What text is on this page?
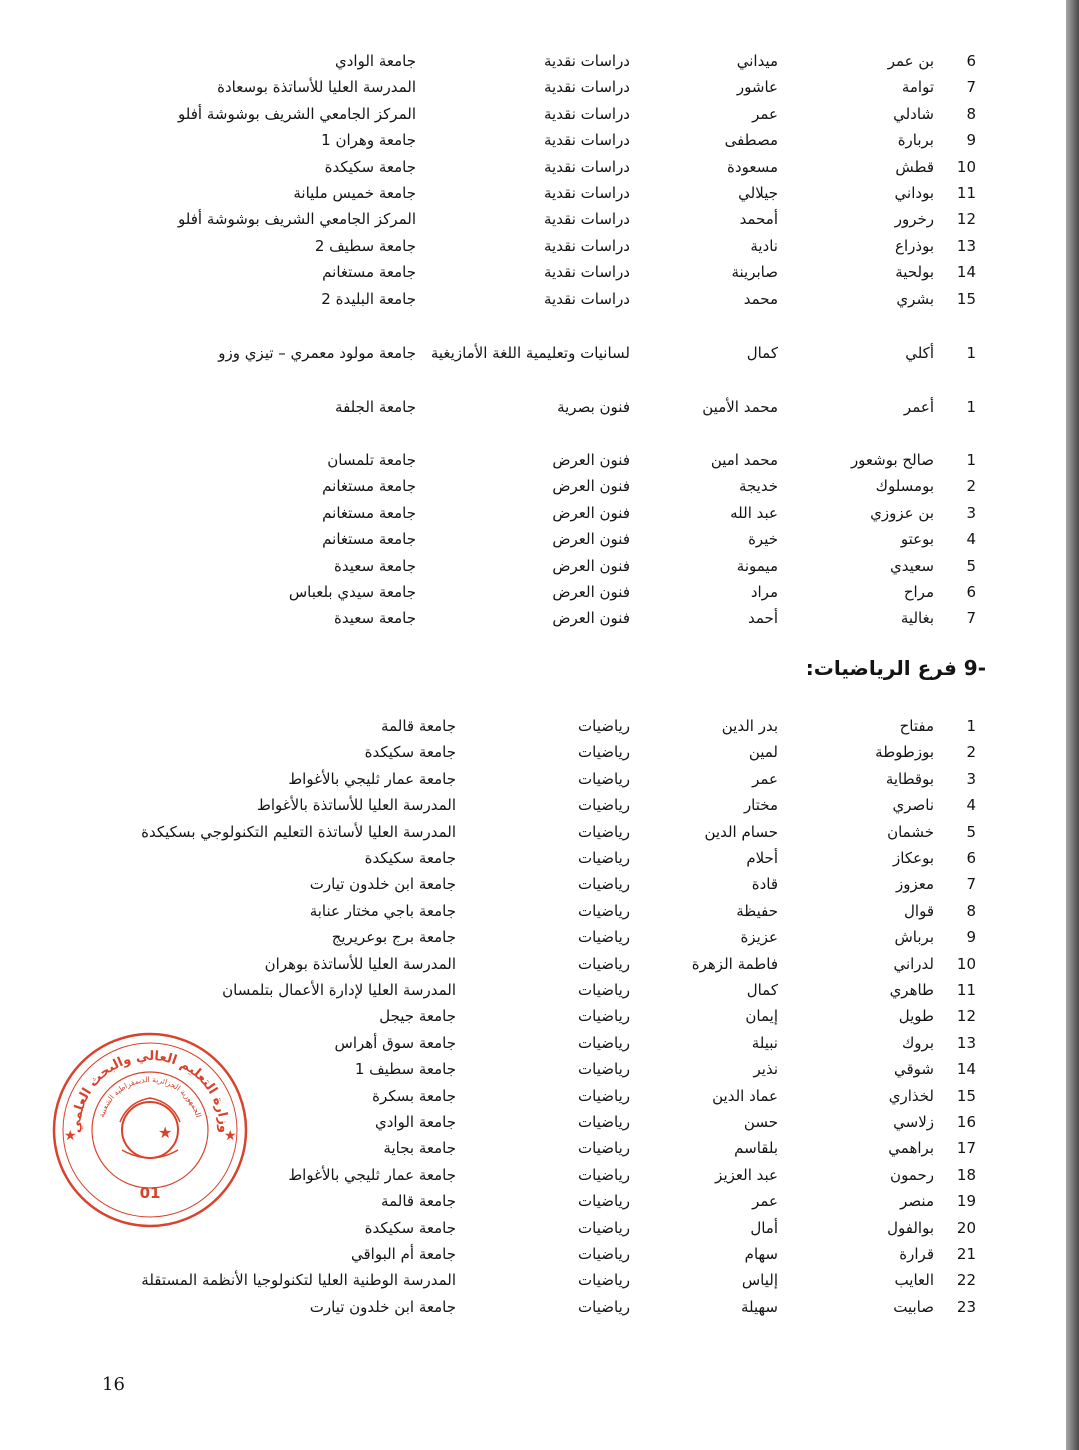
6
بن عمر
ميداني
دراسات نقدية
جامعة الوادي
7
توامة
عاشور
دراسات نقدية
المدرسة العليا للأساتذة بوسعادة
8
شادلي
عمر
دراسات نقدية
المركز الجامعي الشريف بوشوشة أفلو
9
بربارة
مصطفى
دراسات نقدية
جامعة وهران 1
10
قطش
مسعودة
دراسات نقدية
جامعة سكيكدة
11
بوداني
جيلالي
دراسات نقدية
جامعة خميس مليانة
12
رخرور
أمحمد
دراسات نقدية
المركز الجامعي الشريف بوشوشة أفلو
13
بوذراع
نادية
دراسات نقدية
جامعة سطيف 2
14
بولحية
صابرينة
دراسات نقدية
جامعة مستغانم
15
بشري
محمد
دراسات نقدية
جامعة البليدة 2
1
أكلي
كمال
لسانيات وتعليمية اللغة الأمازيغية
جامعة مولود معمري – تيزي وزو
1
أعمر
محمد الأمين
فنون بصرية
جامعة الجلفة
1
صالح بوشعور
محمد امين
فنون العرض
جامعة تلمسان
2
بومسلوك
خديجة
فنون العرض
جامعة مستغانم
3
بن عزوزي
عبد الله
فنون العرض
جامعة مستغانم
4
بوعتو
خيرة
فنون العرض
جامعة مستغانم
5
سعيدي
ميمونة
فنون العرض
جامعة سعيدة
6
مراح
مراد
فنون العرض
جامعة سيدي بلعباس
7
بغالية
أحمد
فنون العرض
جامعة سعيدة
1
مفتاح
بدر الدين
رياضيات
جامعة قالمة
2
بوزطوطة
لمين
رياضيات
جامعة سكيكدة
3
بوقطاية
عمر
رياضيات
جامعة عمار ثليجي بالأغواط
4
ناصري
مختار
رياضيات
المدرسة العليا للأساتذة بالأغواط
5
خشمان
حسام الدين
رياضيات
المدرسة العليا لأساتذة التعليم التكنولوجي بسكيكدة
6
بوعكاز
أحلام
رياضيات
جامعة سكيكدة
7
معزوز
قادة
رياضيات
جامعة ابن خلدون تيارت
8
قوال
حفيظة
رياضيات
جامعة باجي مختار عنابة
9
برباش
عزيزة
رياضيات
جامعة برج بوعريريج
10
لدراني
فاطمة الزهرة
رياضيات
المدرسة العليا للأساتذة بوهران
11
طاهري
كمال
رياضيات
المدرسة العليا لإدارة الأعمال بتلمسان
12
طويل
إيمان
رياضيات
جامعة جيجل
13
بروك
نبيلة
رياضيات
جامعة سوق أهراس
14
شوقي
نذير
رياضيات
جامعة سطيف 1
15
لخذاري
عماد الدين
رياضيات
جامعة بسكرة
16
زلاسي
حسن
رياضيات
جامعة الوادي
17
براهمي
بلقاسم
رياضيات
جامعة بجاية
18
رحمون
عبد العزيز
رياضيات
جامعة عمار ثليجي بالأغواط
19
منصر
عمر
رياضيات
جامعة قالمة
20
بوالفول
أمال
رياضيات
جامعة سكيكدة
21
قرارة
سهام
رياضيات
جامعة أم البواقي
22
العايب
إلياس
رياضيات
المدرسة الوطنية العليا لتكنولوجيا الأنظمة المستقلة
23
صابيت
سهيلة
رياضيات
جامعة ابن خلدون تيارت
-9 فرع الرياضيات:
وزارة التعليم العالي والبحث العلمي
الجمهورية الجزائرية الديمقراطية الشعبية
★	★
★
01
16
